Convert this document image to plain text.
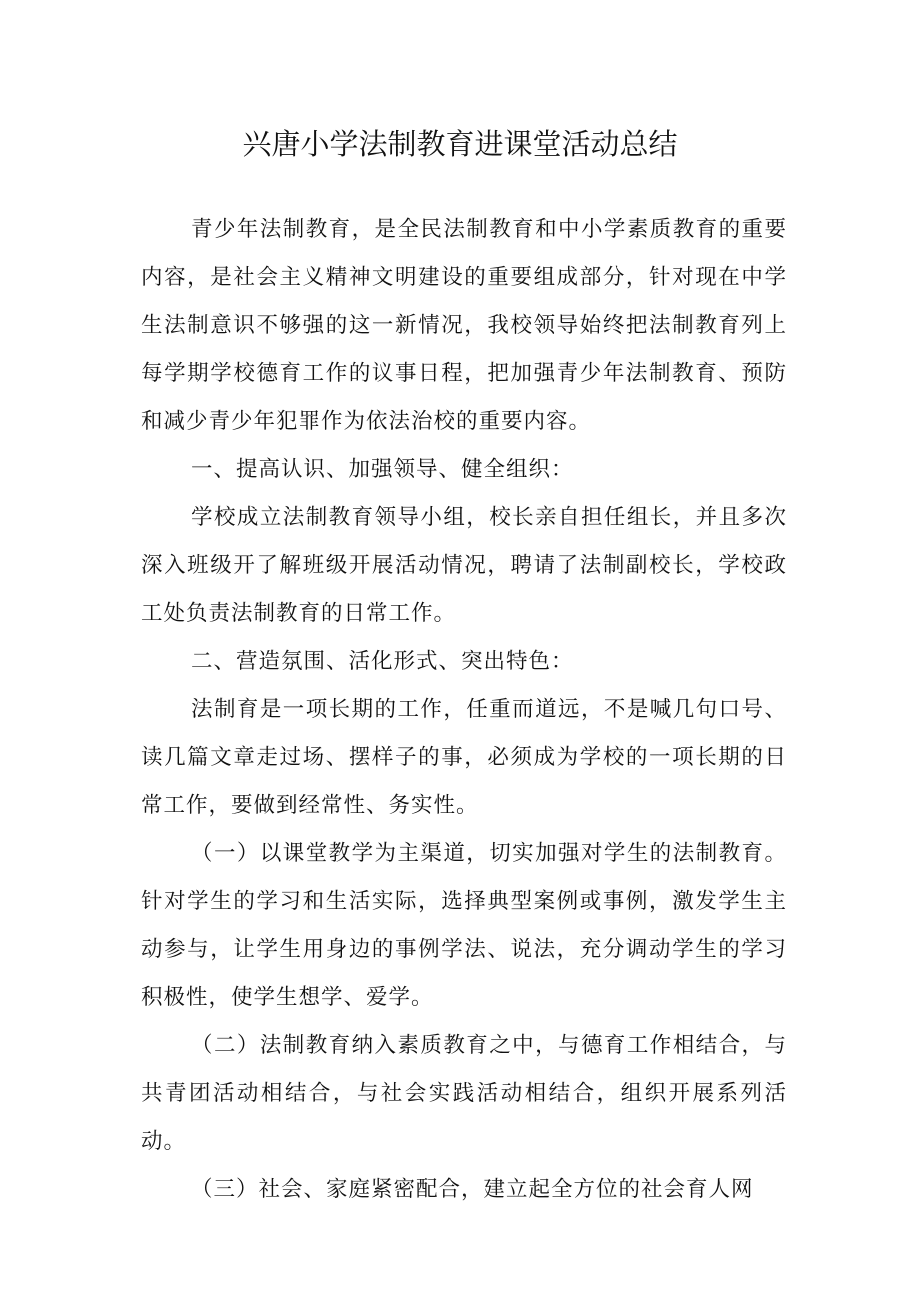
兴唐小学法制教育进课堂活动总结

青少年法制教育，是全民法制教育和中小学素质教育的重要内容，是社会主义精神文明建设的重要组成部分，针对现在中学生法制意识不够强的这一新情况，我校领导始终把法制教育列上每学期学校德育工作的议事日程，把加强青少年法制教育、预防和减少青少年犯罪作为依法治校的重要内容。

一、提高认识、加强领导、健全组织：

学校成立法制教育领导小组，校长亲自担任组长，并且多次深入班级开了解班级开展活动情况，聘请了法制副校长，学校政工处负责法制教育的日常工作。

二、营造氛围、活化形式、突出特色：

法制育是一项长期的工作，任重而道远，不是喊几句口号、读几篇文章走过场、摆样子的事，必须成为学校的一项长期的日常工作，要做到经常性、务实性。

（一）以课堂教学为主渠道，切实加强对学生的法制教育。针对学生的学习和生活实际，选择典型案例或事例，激发学生主动参与，让学生用身边的事例学法、说法，充分调动学生的学习积极性，使学生想学、爱学。

（二）法制教育纳入素质教育之中，与德育工作相结合，与共青团活动相结合，与社会实践活动相结合，组织开展系列活动。

（三）社会、家庭紧密配合，建立起全方位的社会育人网
